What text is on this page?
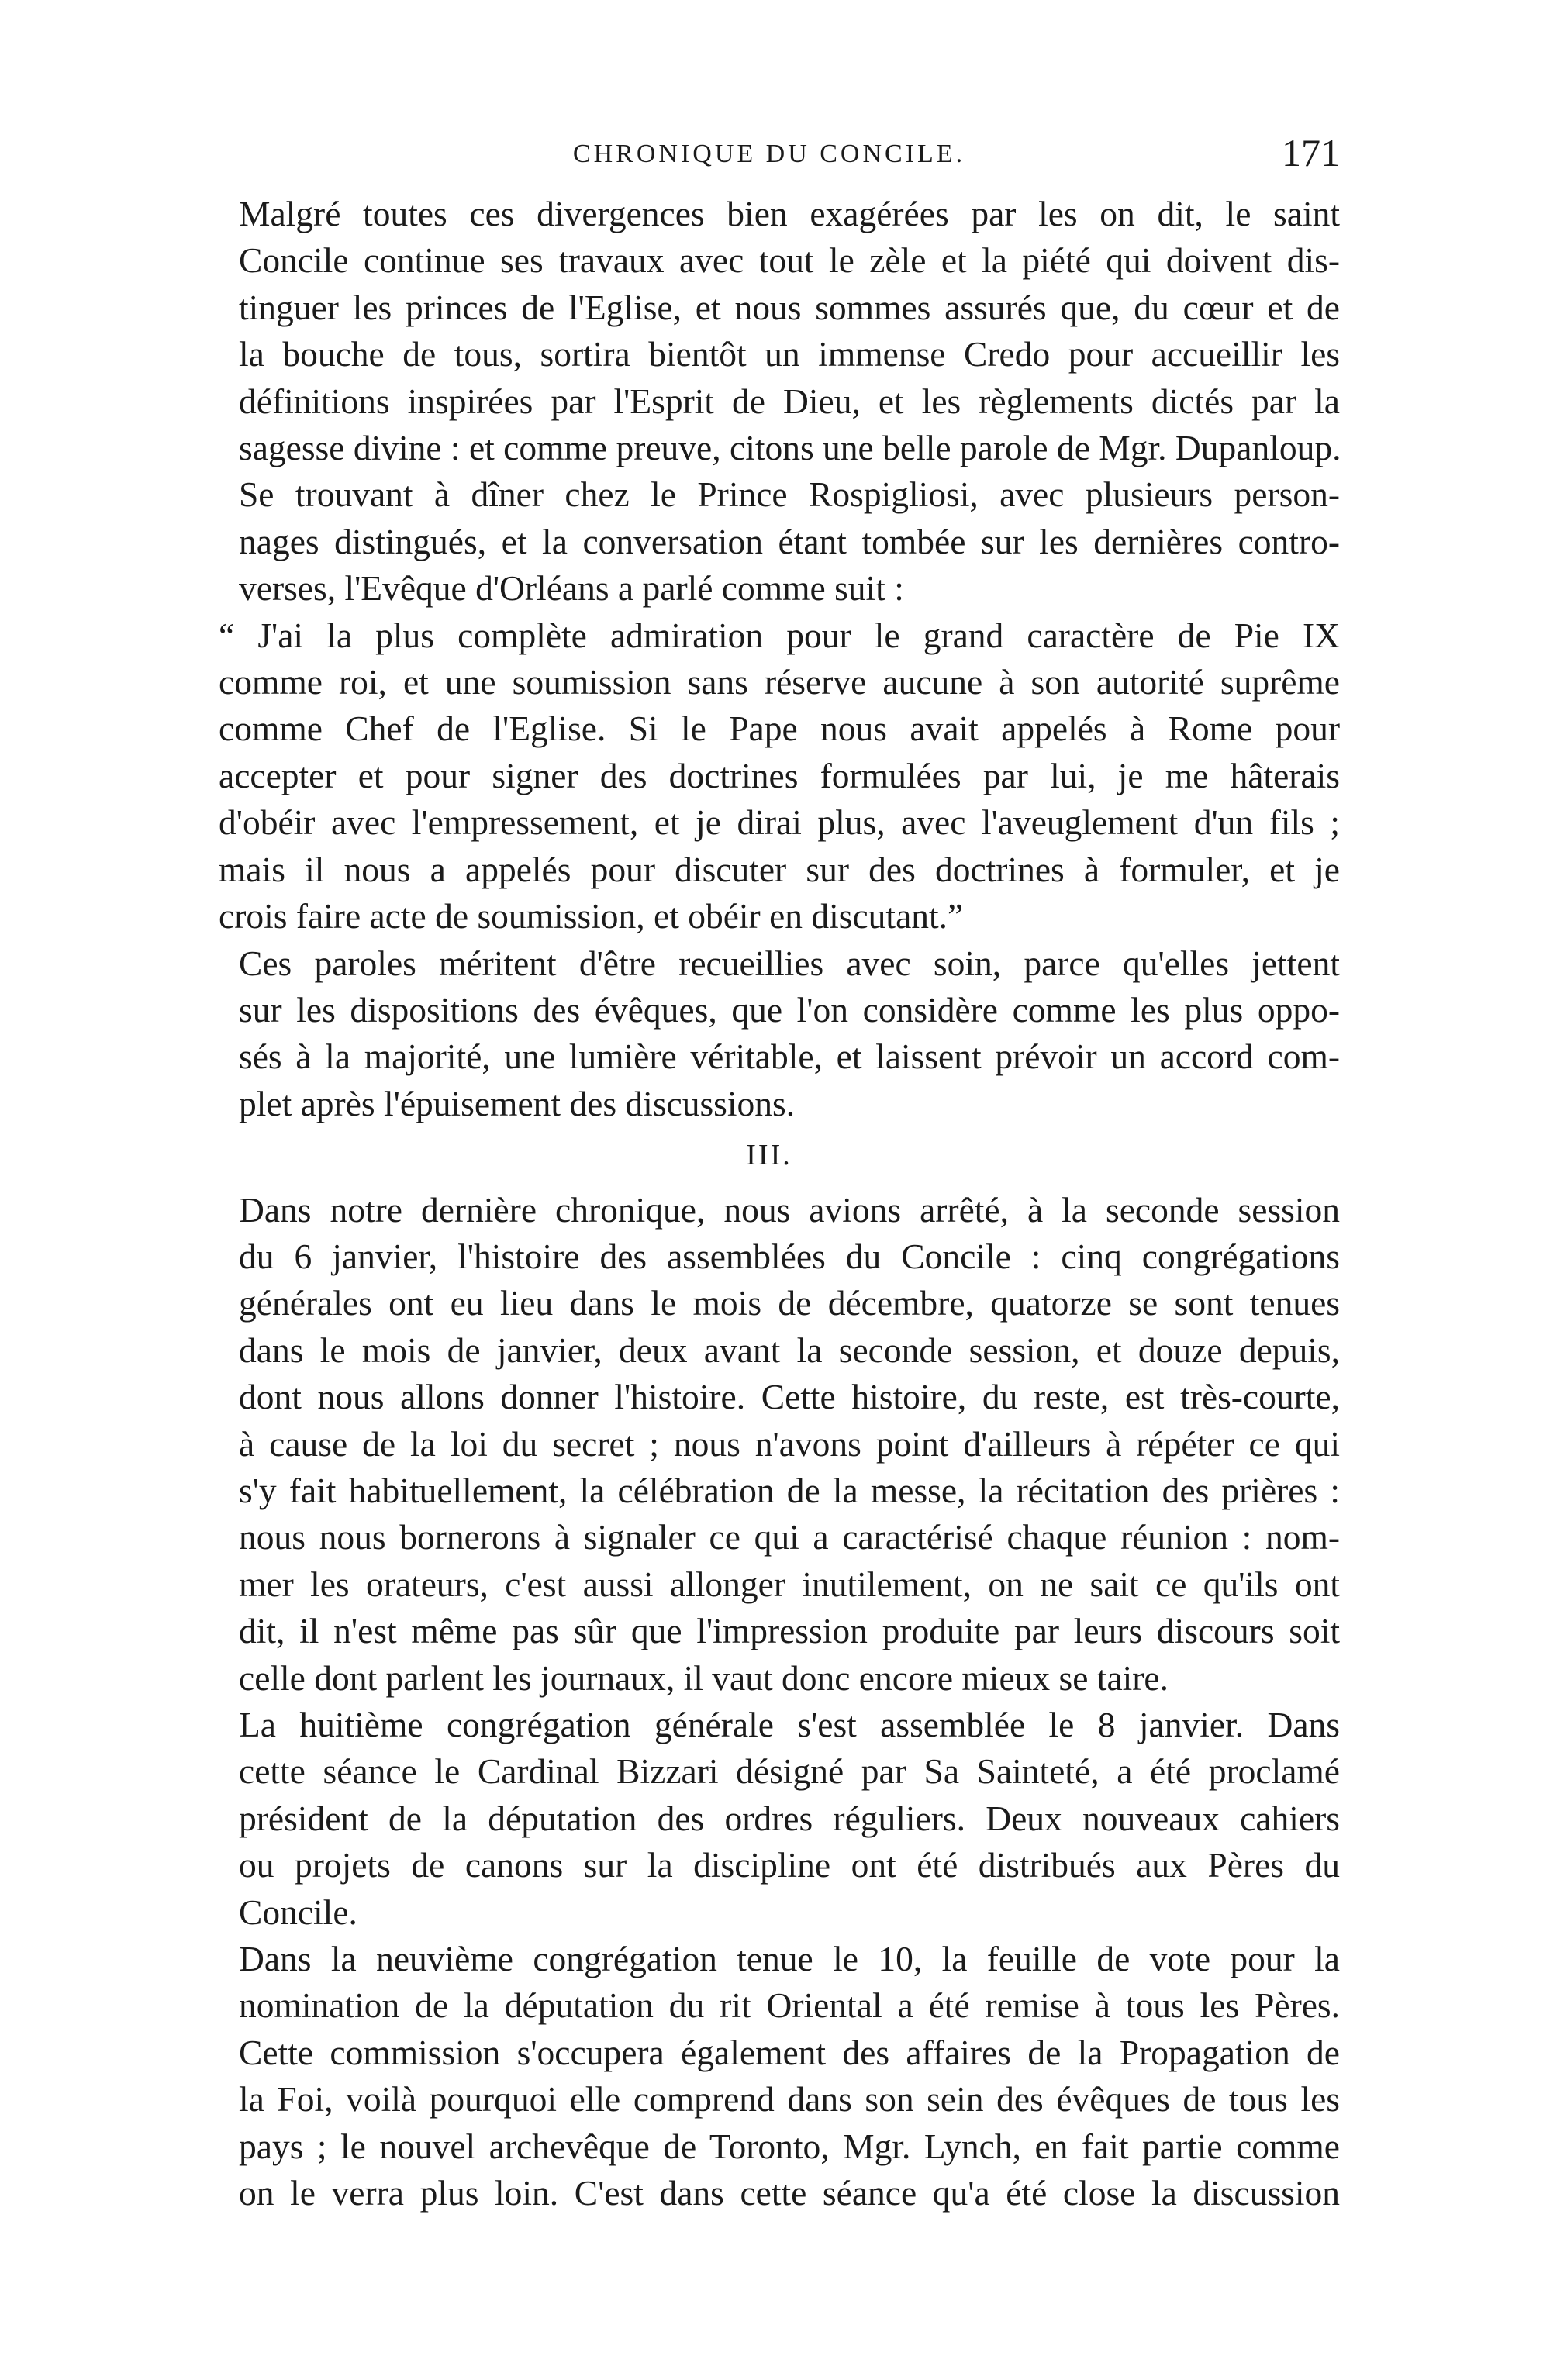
CHRONIQUE DU CONCILE.	171

Malgré toutes ces divergences bien exagérées par les on dit, le saint
Concile continue ses travaux avec tout le zèle et la piété qui doivent dis-
tinguer les princes de l'Eglise, et nous sommes assurés que, du cœur et de
la bouche de tous, sortira bientôt un immense Credo pour accueillir les
définitions inspirées par l'Esprit de Dieu, et les règlements dictés par la
sagesse divine : et comme preuve, citons une belle parole de Mgr. Dupanloup.

Se trouvant à dîner chez le Prince Rospigliosi, avec plusieurs person-
nages distingués, et la conversation étant tombée sur les dernières contro-
verses, l'Evêque d'Orléans a parlé comme suit :

“ J'ai la plus complète admiration pour le grand caractère de Pie IX
comme roi, et une soumission sans réserve aucune à son autorité suprême
comme Chef de l'Eglise. Si le Pape nous avait appelés à Rome pour
accepter et pour signer des doctrines formulées par lui, je me hâterais
d'obéir avec l'empressement, et je dirai plus, avec l'aveuglement d'un fils ;
mais il nous a appelés pour discuter sur des doctrines à formuler, et je
crois faire acte de soumission, et obéir en discutant.”

Ces paroles méritent d'être recueillies avec soin, parce qu'elles jettent
sur les dispositions des évêques, que l'on considère comme les plus oppo-
sés à la majorité, une lumière véritable, et laissent prévoir un accord com-
plet après l'épuisement des discussions.

III.

Dans notre dernière chronique, nous avions arrêté, à la seconde session
du 6 janvier, l'histoire des assemblées du Concile : cinq congrégations
générales ont eu lieu dans le mois de décembre, quatorze se sont tenues
dans le mois de janvier, deux avant la seconde session, et douze depuis,
dont nous allons donner l'histoire. Cette histoire, du reste, est très-courte,
à cause de la loi du secret ; nous n'avons point d'ailleurs à répéter ce qui
s'y fait habituellement, la célébration de la messe, la récitation des prières :
nous nous bornerons à signaler ce qui a caractérisé chaque réunion : nom-
mer les orateurs, c'est aussi allonger inutilement, on ne sait ce qu'ils ont
dit, il n'est même pas sûr que l'impression produite par leurs discours soit
celle dont parlent les journaux, il vaut donc encore mieux se taire.

La huitième congrégation générale s'est assemblée le 8 janvier. Dans
cette séance le Cardinal Bizzari désigné par Sa Sainteté, a été proclamé
président de la députation des ordres réguliers. Deux nouveaux cahiers
ou projets de canons sur la discipline ont été distribués aux Pères du
Concile.

Dans la neuvième congrégation tenue le 10, la feuille de vote pour la
nomination de la députation du rit Oriental a été remise à tous les Pères.
Cette commission s'occupera également des affaires de la Propagation de
la Foi, voilà pourquoi elle comprend dans son sein des évêques de tous les
pays ; le nouvel archevêque de Toronto, Mgr. Lynch, en fait partie comme
on le verra plus loin. C'est dans cette séance qu'a été close la discussion
